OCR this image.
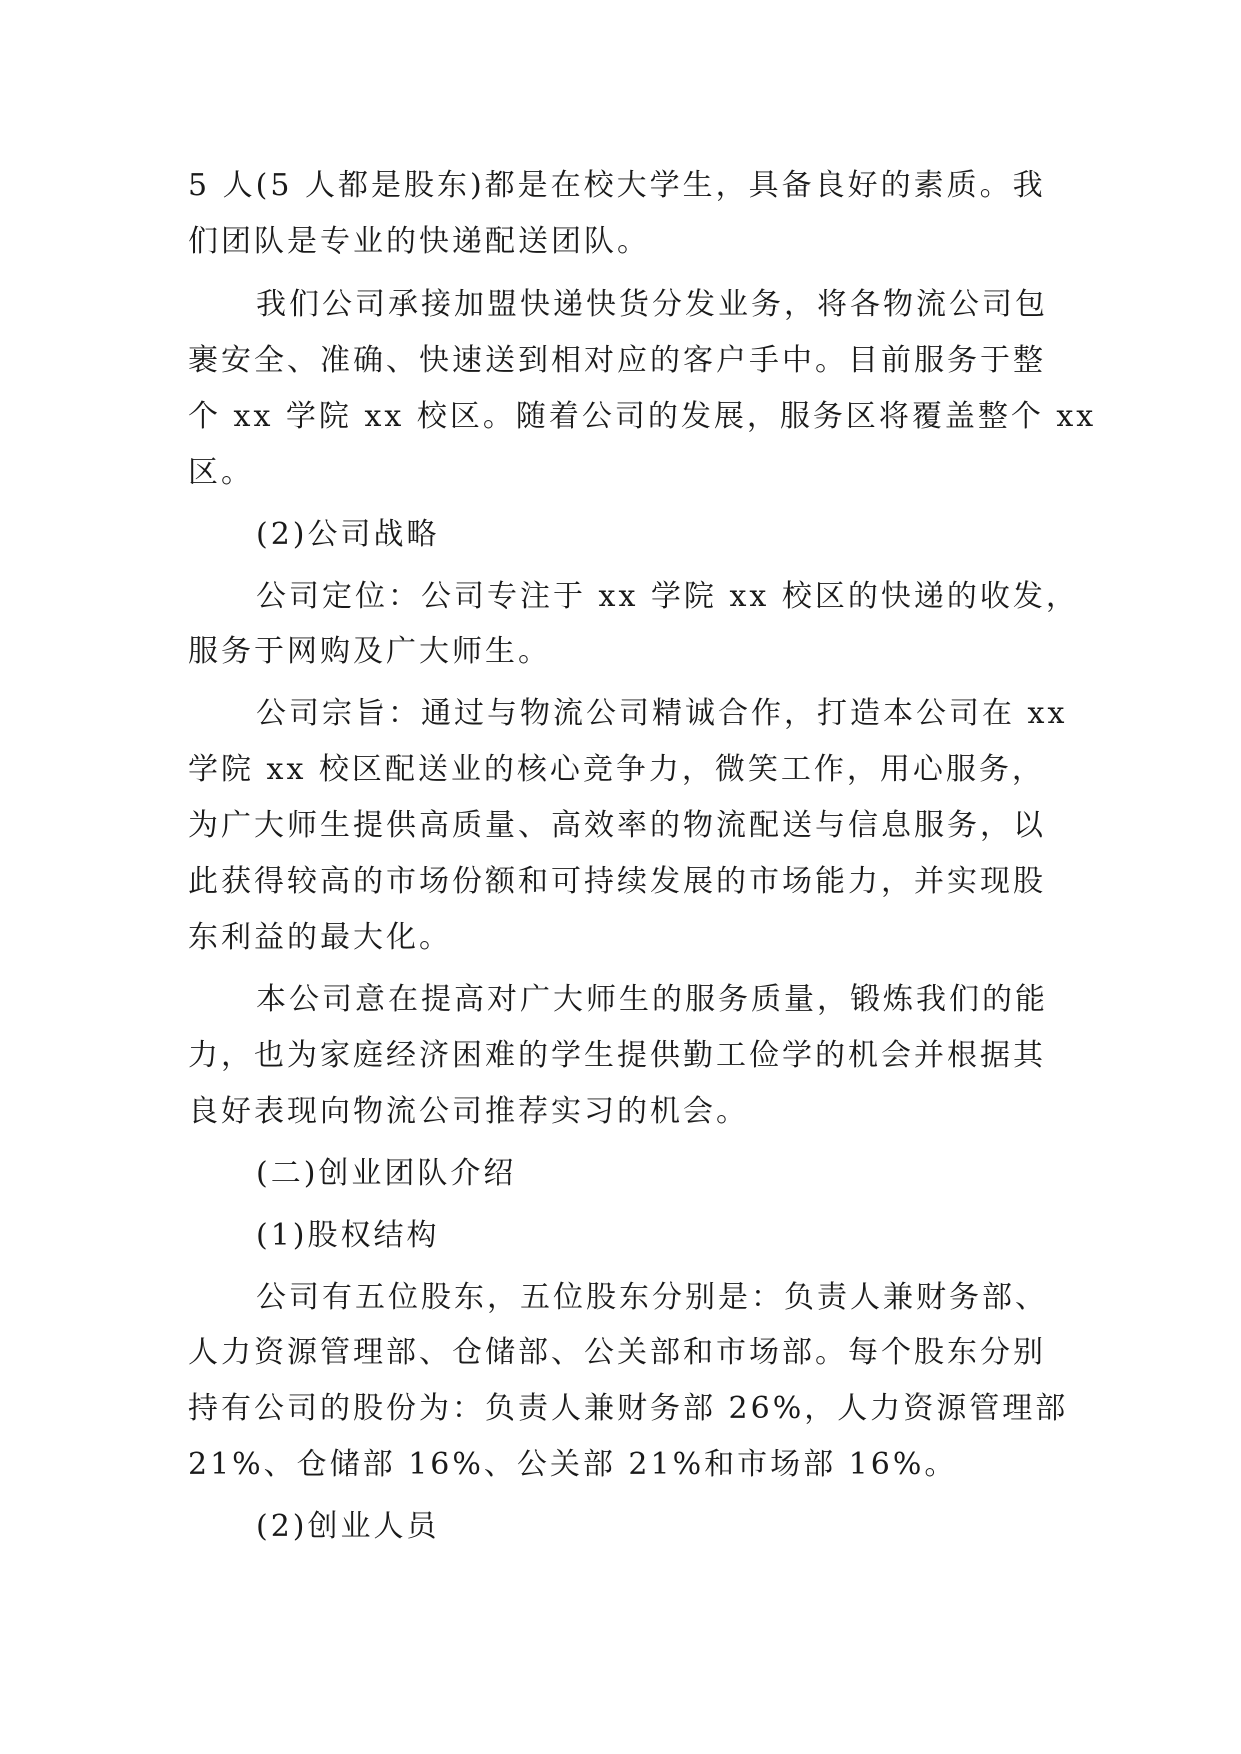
5 人(5 人都是股东)都是在校大学生，具备良好的素质。我
们团队是专业的快递配送团队。
我们公司承接加盟快递快货分发业务，将各物流公司包
裹安全、准确、快速送到相对应的客户手中。目前服务于整
个 xx 学院 xx 校区。随着公司的发展，服务区将覆盖整个 xx
区。
(2)公司战略
公司定位：公司专注于 xx 学院 xx 校区的快递的收发，
服务于网购及广大师生。
公司宗旨：通过与物流公司精诚合作，打造本公司在 xx
学院 xx 校区配送业的核心竞争力，微笑工作，用心服务，
为广大师生提供高质量、高效率的物流配送与信息服务，以
此获得较高的市场份额和可持续发展的市场能力，并实现股
东利益的最大化。
本公司意在提高对广大师生的服务质量，锻炼我们的能
力，也为家庭经济困难的学生提供勤工俭学的机会并根据其
良好表现向物流公司推荐实习的机会。
(二)创业团队介绍
(1)股权结构
公司有五位股东，五位股东分别是：负责人兼财务部、
人力资源管理部、仓储部、公关部和市场部。每个股东分别
持有公司的股份为：负责人兼财务部 26%，人力资源管理部
21%、仓储部 16%、公关部 21%和市场部 16%。
(2)创业人员
